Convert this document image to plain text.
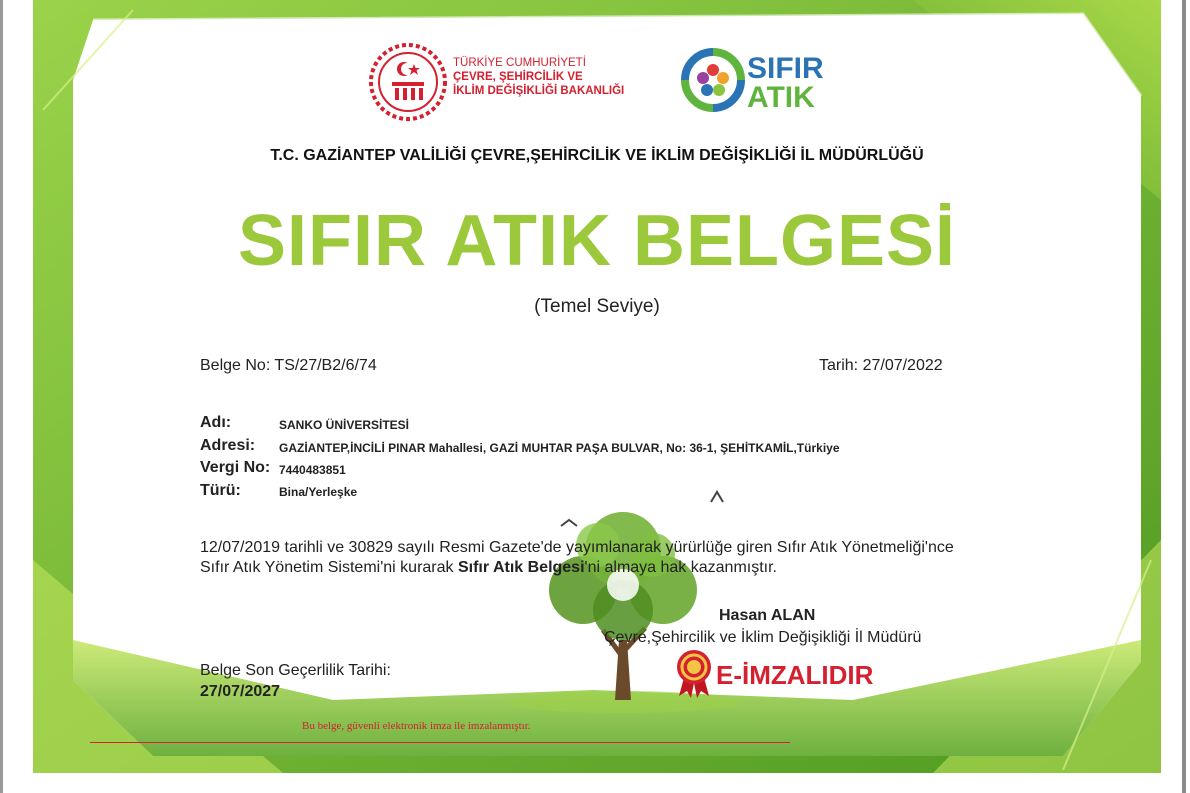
TÜRKİYE CUMHURİYETİ
ÇEVRE, ŞEHİRCİLİK VE
İKLİM DEĞİŞİKLİĞİ BAKANLIĞI
SIFIR
ATIK
T.C. GAZİANTEP VALİLİĞİ ÇEVRE,ŞEHİRCİLİK VE İKLİM DEĞİŞİKLİĞİ İL MÜDÜRLÜĞÜ
SIFIR ATIK BELGESİ
(Temel Seviye)
Belge No: TS/27/B2/6/74	Tarih: 27/07/2022
Adı:	SANKO ÜNİVERSİTESİ
Adresi: GAZİANTEP,İNCİLİ PINAR Mahallesi, GAZİ MUHTAR PAŞA BULVAR, No: 36-1, ŞEHİTKAMİL,Türkiye
Vergi No: 7440483851
Türü:	Bina/Yerleşke
12/07/2019 tarihli ve 30829 sayılı Resmi Gazete'de yayımlanarak yürürlüğe giren Sıfır Atık Yönetmeliği'nce Sıfır Atık Yönetim Sistemi'ni kurarak Sıfır Atık Belgesi'ni almaya hak kazanmıştır.
Hasan ALAN
Çevre,Şehircilik ve İklim Değişikliği İl Müdürü
Belge Son Geçerlilik Tarihi:
27/07/2027
E-İMZALIDIR
Bu belge, güvenli elektronik imza ile imzalanmıştır.
